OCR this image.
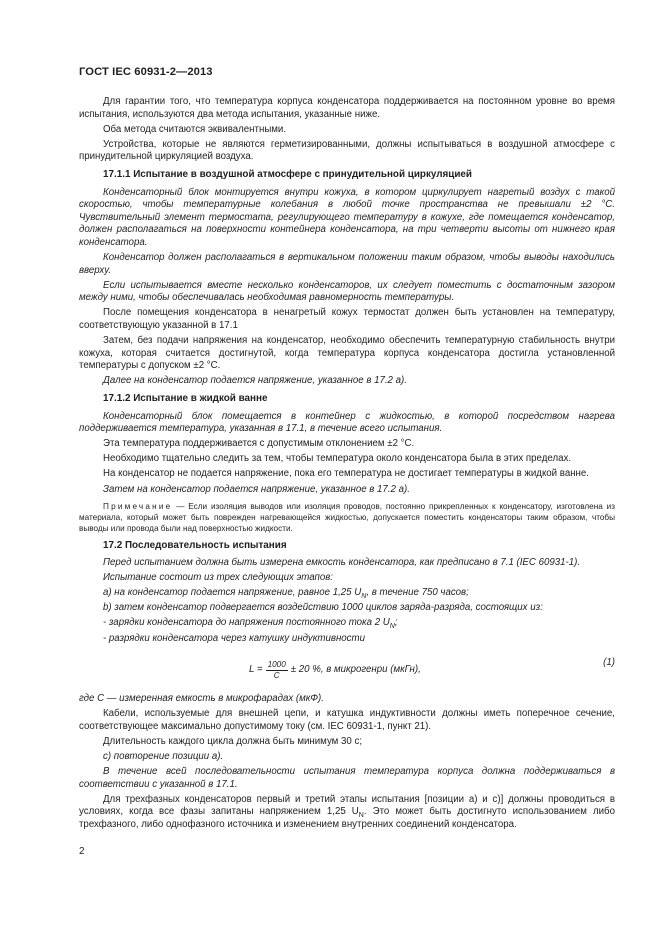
ГОСТ IEC 60931-2—2013

Для гарантии того, что температура корпуса конденсатора поддерживается на постоянном уровне во время испытания, используются два метода испытания, указанные ниже.

Оба метода считаются эквивалентными.

Устройства, которые не являются герметизированными, должны испытываться в воздушной атмосфере с принудительной циркуляцией воздуха.

17.1.1 Испытание в воздушной атмосфере с принудительной циркуляцией

Конденсаторный блок монтируется внутри кожуха, в котором циркулирует нагретый воздух с такой скоростью, чтобы температурные колебания в любой точке пространства не превышали ±2 °С. Чувствительный элемент термостата, регулирующего температуру в кожухе, где помещается конденсатор, должен располагаться на поверхности контейнера конденсатора, на три четверти высоты от нижнего края конденсатора.

Конденсатор должен располагаться в вертикальном положении таким образом, чтобы выводы находились вверху.

Если испытывается вместе несколько конденсаторов, их следует поместить с достаточным зазором между ними, чтобы обеспечивалась необходимая равномерность температуры.

После помещения конденсатора в ненагретый кожух термостат должен быть установлен на температуру, соответствующую указанной в 17.1

Затем, без подачи напряжения на конденсатор, необходимо обеспечить температурную стабильность внутри кожуха, которая считается достигнутой, когда температура корпуса конденсатора достигла установленной температуры с допуском ±2 °С.

Далее на конденсатор подается напряжение, указанное в 17.2 а).

17.1.2 Испытание в жидкой ванне

Конденсаторный блок помещается в контейнер с жидкостью, в которой посредством нагрева поддерживается температура, указанная в 17.1, в течение всего испытания.

Эта температура поддерживается с допустимым отклонением ±2 °С.

Необходимо тщательно следить за тем, чтобы температура около конденсатора была в этих пределах.

На конденсатор не подается напряжение, пока его температура не достигает температуры в жидкой ванне.

Затем на конденсатор подается напряжение, указанное в 17.2 а).

Примечание — Если изоляция выводов или изоляция проводов, постоянно прикрепленных к конденсатору, изготовлена из материала, который может быть поврежден нагревающейся жидкостью, допускается поместить конденсаторы таким образом, чтобы выводы или провода были над поверхностью жидкости.

17.2 Последовательность испытания

Перед испытанием должна быть измерена емкость конденсатора, как предписано в 7.1 (IEC 60931-1).

Испытание состоит из трех следующих этапов:

а) на конденсатор подается напряжение, равное 1,25 $U_N$, в течение 750 часов;

b) затем конденсатор подвергается воздействию 1000 циклов заряда-разряда, состоящих из:

- зарядки конденсатора до напряжения постоянного тока 2 $U_N$;

- разрядки конденсатора через катушку индуктивности

$L = \frac{1000}{C} \pm 20$ %, в микрогенри (мкГн),
(1)

где С — измеренная емкость в микрофарадах (мкФ).

Кабели, используемые для внешней цепи, и катушка индуктивности должны иметь поперечное сечение, соответствующее максимально допустимому току (см. IEC 60931-1, пункт 21).

Длительность каждого цикла должна быть минимум 30 с;

с) повторение позиции а).

В течение всей последовательности испытания температура корпуса должна поддерживаться в соответствии с указанной в 17.1.

Для трехфазных конденсаторов первый и третий этапы испытания [позиции а) и с)] должны проводиться в условиях, когда все фазы запитаны напряжением 1,25 $U_N$. Это может быть достигнуто использованием либо трехфазного, либо однофазного источника и изменением внутренних соединений конденсатора.

2
